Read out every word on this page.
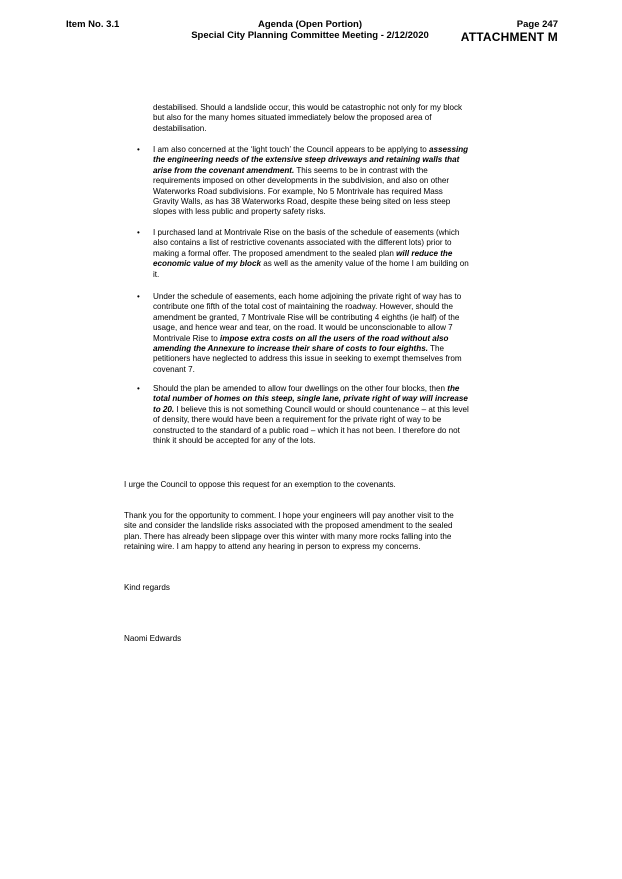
Item No. 3.1	Agenda (Open Portion)
Special City Planning Committee Meeting - 2/12/2020
Page 247
ATTACHMENT M
destabilised. Should a landslide occur, this would be catastrophic not only for my block
but also for the many homes situated immediately below the proposed area of
destabilisation.
• I am also concerned at the ‘light touch’ the Council appears to be applying to assessing
the engineering needs of the extensive steep driveways and retaining walls that
arise from the covenant amendment. This seems to be in contrast with the
requirements imposed on other developments in the subdivision, and also on other
Waterworks Road subdivisions. For example, No 5 Montrivale has required Mass
Gravity Walls, as has 38 Waterworks Road, despite these being sited on less steep
slopes with less public and property safety risks.
• I purchased land at Montrivale Rise on the basis of the schedule of easements (which
also contains a list of restrictive covenants associated with the different lots) prior to
making a formal offer. The proposed amendment to the sealed plan will reduce the
economic value of my block as well as the amenity value of the home I am building on
it.
• Under the schedule of easements, each home adjoining the private right of way has to
contribute one fifth of the total cost of maintaining the roadway. However, should the
amendment be granted, 7 Montrivale Rise will be contributing 4 eighths (ie half) of the
usage, and hence wear and tear, on the road. It would be unconscionable to allow 7
Montrivale Rise to impose extra costs on all the users of the road without also
amending the Annexure to increase their share of costs to four eighths. The
petitioners have neglected to address this issue in seeking to exempt themselves from
covenant 7.
• Should the plan be amended to allow four dwellings on the other four blocks, then the
total number of homes on this steep, single lane, private right of way will increase
to 20. I believe this is not something Council would or should countenance – at this level
of density, there would have been a requirement for the private right of way to be
constructed to the standard of a public road – which it has not been. I therefore do not
think it should be accepted for any of the lots.
I urge the Council to oppose this request for an exemption to the covenants.
Thank you for the opportunity to comment. I hope your engineers will pay another visit to the
site and consider the landslide risks associated with the proposed amendment to the sealed
plan. There has already been slippage over this winter with many more rocks falling into the
retaining wire. I am happy to attend any hearing in person to express my concerns.
Kind regards
Naomi Edwards
